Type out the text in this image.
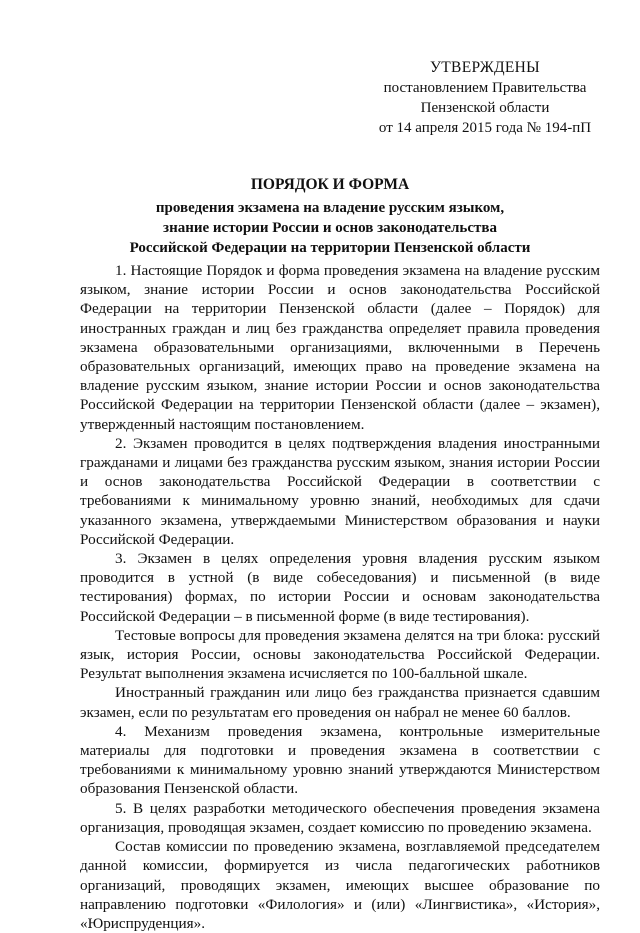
УТВЕРЖДЕНЫ
постановлением Правительства
Пензенской области
от 14 апреля 2015 года № 194-пП
ПОРЯДОК И ФОРМА
проведения экзамена на владение русским языком,
знание истории России и основ законодательства
Российской Федерации на территории Пензенской области

1. Настоящие Порядок и форма проведения экзамена на владение русским языком, знание истории России и основ законодательства Российской Федерации на территории Пензенской области (далее – Порядок) для иностранных граждан и лиц без гражданства определяет правила проведения экзамена образовательными организациями, включенными в Перечень образовательных организаций, имеющих право на проведение экзамена на владение русским языком, знание истории России и основ законодательства Российской Федерации на территории Пензенской области (далее – экзамен), утвержденный настоящим постановлением.

2. Экзамен проводится в целях подтверждения владения иностранными гражданами и лицами без гражданства русским языком, знания истории России и основ законодательства Российской Федерации в соответствии с требованиями к минимальному уровню знаний, необходимых для сдачи указанного экзамена, утверждаемыми Министерством образования и науки Российской Федерации.

3. Экзамен в целях определения уровня владения русским языком проводится в устной (в виде собеседования) и письменной (в виде тестирования) формах, по истории России и основам законодательства Российской Федерации – в письменной форме (в виде тестирования).

Тестовые вопросы для проведения экзамена делятся на три блока: русский язык, история России, основы законодательства Российской Федерации. Результат выполнения экзамена исчисляется по 100-балльной шкале.

Иностранный гражданин или лицо без гражданства признается сдавшим экзамен, если по результатам его проведения он набрал не менее 60 баллов.

4. Механизм проведения экзамена, контрольные измерительные материалы для подготовки и проведения экзамена в соответствии с требованиями к минимальному уровню знаний утверждаются Министерством образования Пензенской области.

5. В целях разработки методического обеспечения проведения экзамена организация, проводящая экзамен, создает комиссию по проведению экзамена.

Состав комиссии по проведению экзамена, возглавляемой председателем данной комиссии, формируется из числа педагогических работников организаций, проводящих экзамен, имеющих высшее образование по направлению подготовки «Филология» и (или) «Лингвистика», «История», «Юриспруденция».
